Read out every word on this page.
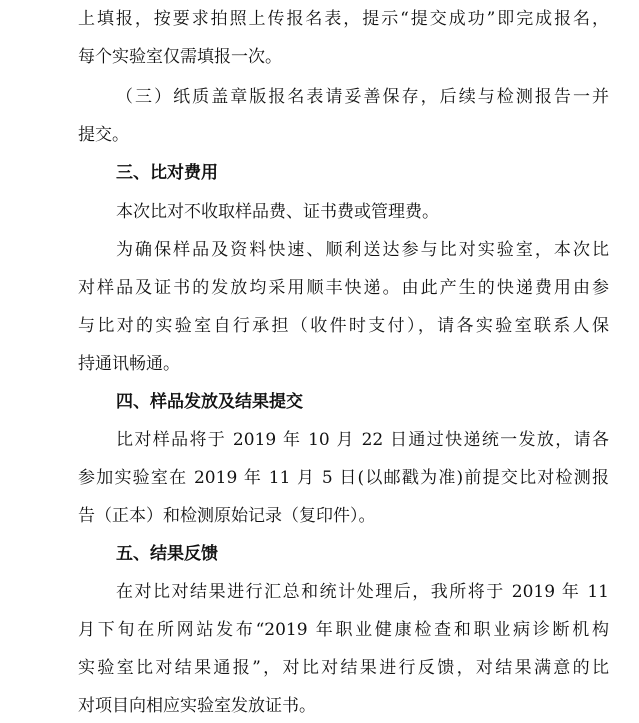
上填报，按要求拍照上传报名表，提示“提交成功”即完成报名，
每个实验室仅需填报一次。
（三）纸质盖章版报名表请妥善保存，后续与检测报告一并
提交。
三、比对费用
本次比对不收取样品费、证书费或管理费。
为确保样品及资料快速、顺利送达参与比对实验室，本次比
对样品及证书的发放均采用顺丰快递。由此产生的快递费用由参
与比对的实验室自行承担（收件时支付），请各实验室联系人保
持通讯畅通。
四、样品发放及结果提交
比对样品将于 2019 年 10 月 22 日通过快递统一发放，请各
参加实验室在 2019 年 11 月 5 日(以邮戳为准)前提交比对检测报
告（正本）和检测原始记录（复印件）。
五、结果反馈
在对比对结果进行汇总和统计处理后，我所将于 2019 年 11
月下旬在所网站发布“2019 年职业健康检查和职业病诊断机构
实验室比对结果通报”，对比对结果进行反馈，对结果满意的比
对项目向相应实验室发放证书。
